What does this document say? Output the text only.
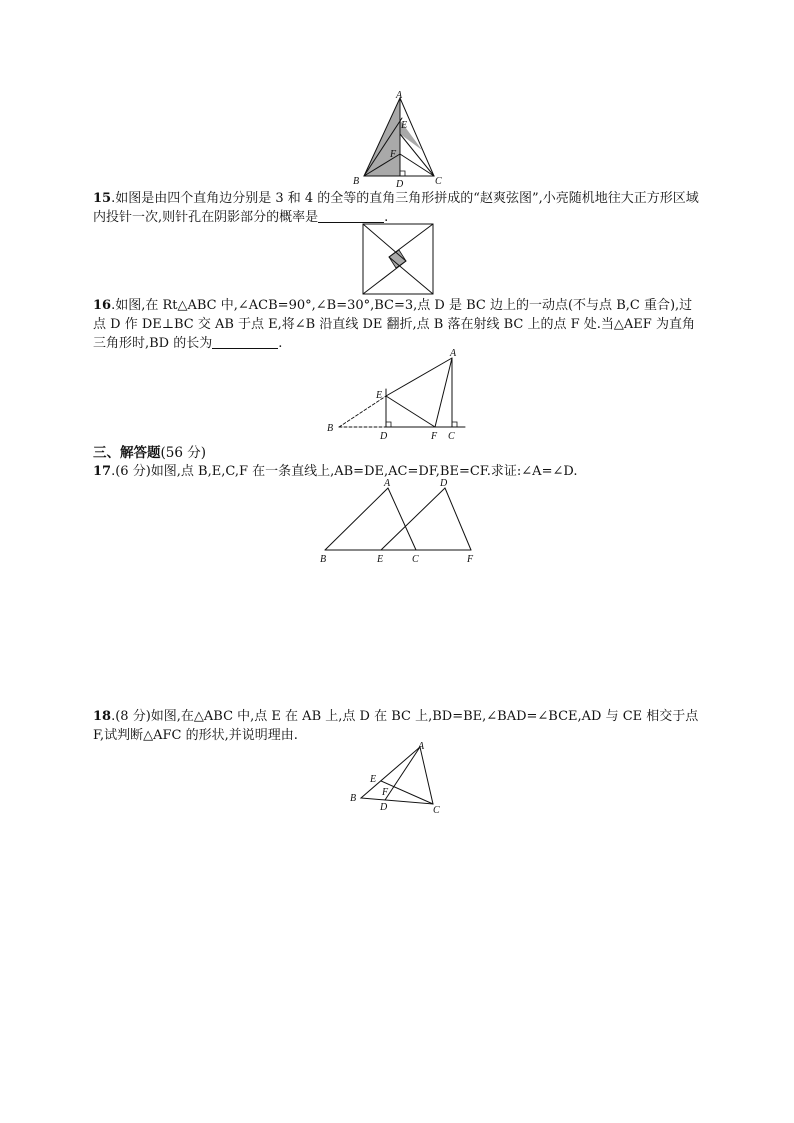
A
E
F
B	D	C
15.如图是由四个直角边分别是 3 和 4 的全等的直角三角形拼成的“赵爽弦图”,小亮随机地往大正方形区域内投针一次,则针孔在阴影部分的概率是	.
16.如图,在 Rt△ABC 中,∠ACB=90°,∠B=30°,BC=3,点 D 是 BC 边上的一动点(不与点 B,C 重合),过点 D 作 DE⊥BC 交 AB 于点 E,将∠B 沿直线 DE 翻折,点 B 落在射线 BC 上的点 F 处.当△AEF 为直角三角形时,BD 的长为	.
A
E
B
D	F C
三、解答题(56 分)
17.(6 分)如图,点 B,E,C,F 在一条直线上,AB=DE,AC=DF,BE=CF.求证:∠A=∠D.
A	D
B	E	C	F
18.(8 分)如图,在△ABC 中,点 E 在 AB 上,点 D 在 BC 上,BD=BE,∠BAD=∠BCE,AD 与 CE 相交于点 F,试判断△AFC 的形状,并说明理由.
A
E
F
B
D	C
